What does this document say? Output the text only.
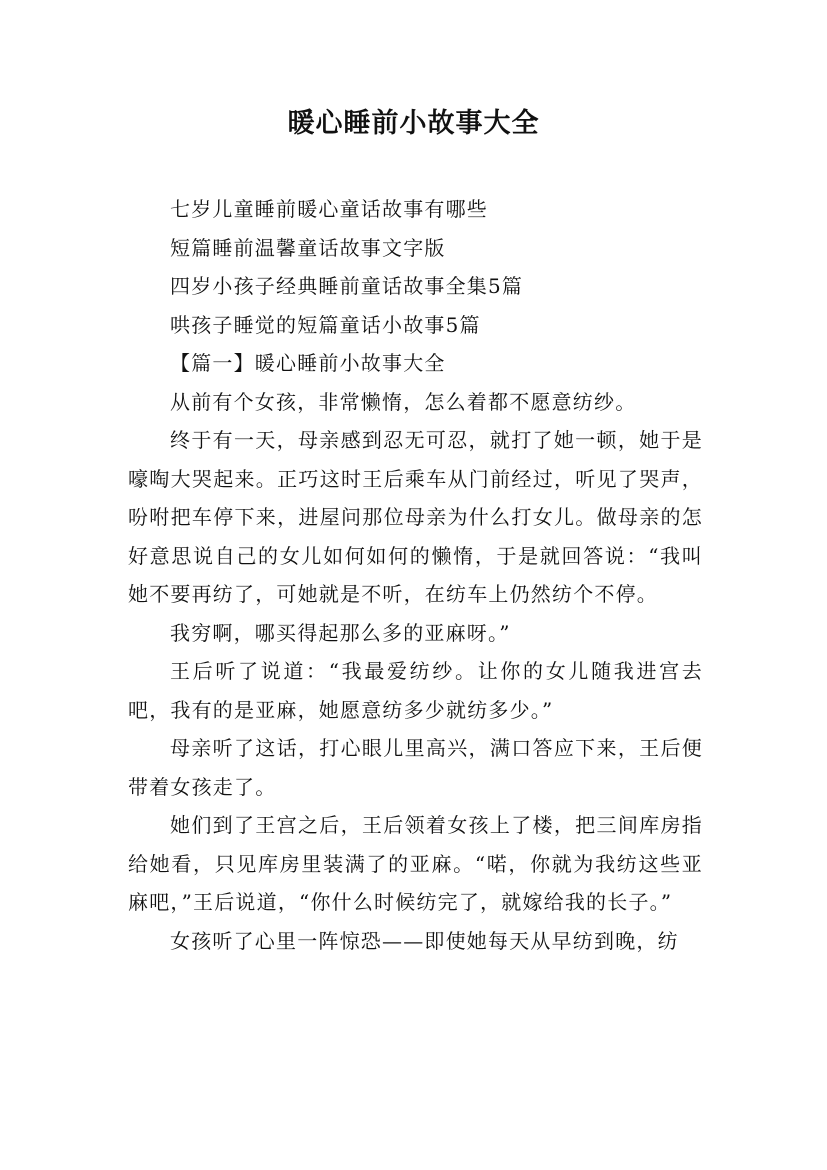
暖心睡前小故事大全

七岁儿童睡前暖心童话故事有哪些

短篇睡前温馨童话故事文字版

四岁小孩子经典睡前童话故事全集5篇

哄孩子睡觉的短篇童话小故事5篇

【篇一】暖心睡前小故事大全

从前有个女孩，非常懒惰，怎么着都不愿意纺纱。

终于有一天，母亲感到忍无可忍，就打了她一顿，她于是嚎啕大哭起来。正巧这时王后乘车从门前经过，听见了哭声，吩咐把车停下来，进屋问那位母亲为什么打女儿。做母亲的怎好意思说自己的女儿如何如何的懒惰，于是就回答说：“我叫她不要再纺了，可她就是不听，在纺车上仍然纺个不停。

我穷啊，哪买得起那么多的亚麻呀。”

王后听了说道：“我最爱纺纱。让你的女儿随我进宫去吧，我有的是亚麻，她愿意纺多少就纺多少。”

母亲听了这话，打心眼儿里高兴，满口答应下来，王后便带着女孩走了。

她们到了王宫之后，王后领着女孩上了楼，把三间库房指给她看，只见库房里装满了的亚麻。“喏，你就为我纺这些亚麻吧，”王后说道，“你什么时候纺完了，就嫁给我的长子。”

女孩听了心里一阵惊恐——即使她每天从早纺到晚，纺
